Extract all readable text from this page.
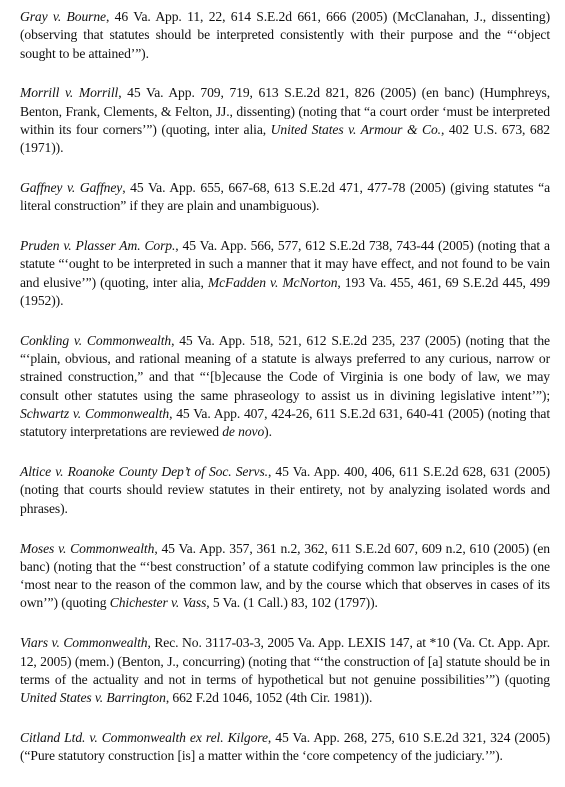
Gray v. Bourne, 46 Va. App. 11, 22, 614 S.E.2d 661, 666 (2005) (McClanahan, J., dissenting) (observing that statutes should be interpreted consistently with their purpose and the “‘object sought to be attained’”).

Morrill v. Morrill, 45 Va. App. 709, 719, 613 S.E.2d 821, 826 (2005) (en banc) (Humphreys, Benton, Frank, Clements, & Felton, JJ., dissenting) (noting that “a court order ‘must be interpreted within its four corners’”) (quoting, inter alia, United States v. Armour & Co., 402 U.S. 673, 682 (1971)).

Gaffney v. Gaffney, 45 Va. App. 655, 667-68, 613 S.E.2d 471, 477-78 (2005) (giving statutes “a literal construction” if they are plain and unambiguous).

Pruden v. Plasser Am. Corp., 45 Va. App. 566, 577, 612 S.E.2d 738, 743-44 (2005) (noting that a statute “‘ought to be interpreted in such a manner that it may have effect, and not found to be vain and elusive’”) (quoting, inter alia, McFadden v. McNorton, 193 Va. 455, 461, 69 S.E.2d 445, 499 (1952)).

Conkling v. Commonwealth, 45 Va. App. 518, 521, 612 S.E.2d 235, 237 (2005) (noting that the “‘plain, obvious, and rational meaning of a statute is always preferred to any curious, narrow or strained construction,” and that “‘[b]ecause the Code of Virginia is one body of law, we may consult other statutes using the same phraseology to assist us in divining legislative intent’”); Schwartz v. Commonwealth, 45 Va. App. 407, 424-26, 611 S.E.2d 631, 640-41 (2005) (noting that statutory interpretations are reviewed de novo).

Altice v. Roanoke County Dep’t of Soc. Servs., 45 Va. App. 400, 406, 611 S.E.2d 628, 631 (2005) (noting that courts should review statutes in their entirety, not by analyzing isolated words and phrases).

Moses v. Commonwealth, 45 Va. App. 357, 361 n.2, 362, 611 S.E.2d 607, 609 n.2, 610 (2005) (en banc) (noting that the “‘best construction’ of a statute codifying common law principles is the one ‘most near to the reason of the common law, and by the course which that observes in cases of its own’”) (quoting Chichester v. Vass, 5 Va. (1 Call.) 83, 102 (1797)).

Viars v. Commonwealth, Rec. No. 3117-03-3, 2005 Va. App. LEXIS 147, at *10 (Va. Ct. App. Apr. 12, 2005) (mem.) (Benton, J., concurring) (noting that “‘the construction of [a] statute should be in terms of the actuality and not in terms of hypothetical but not genuine possibilities’”) (quoting United States v. Barrington, 662 F.2d 1046, 1052 (4th Cir. 1981)).

Citland Ltd. v. Commonwealth ex rel. Kilgore, 45 Va. App. 268, 275, 610 S.E.2d 321, 324 (2005) (“Pure statutory construction [is] a matter within the ‘core competency of the judiciary.’”).
